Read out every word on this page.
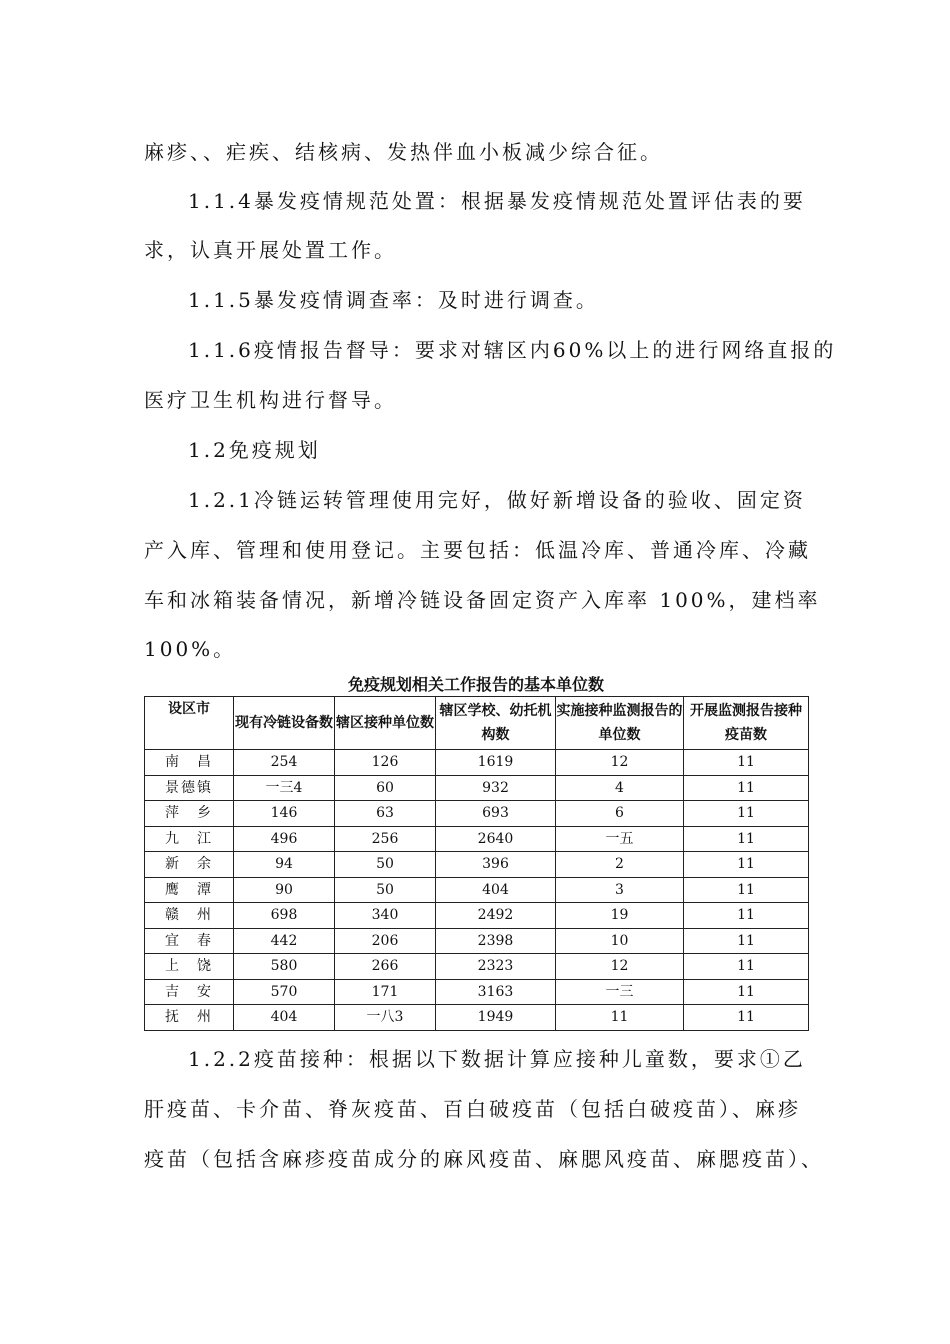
麻疹、、疟疾、结核病、发热伴血小板减少综合征。
1.1.4暴发疫情规范处置：根据暴发疫情规范处置评估表的要
求，认真开展处置工作。
1.1.5暴发疫情调查率：及时进行调查。
1.1.6疫情报告督导：要求对辖区内60%以上的进行网络直报的
医疗卫生机构进行督导。
1.2免疫规划
1.2.1冷链运转管理使用完好，做好新增设备的验收、固定资
产入库、管理和使用登记。主要包括：低温冷库、普通冷库、冷藏
车和冰箱装备情况，新增冷链设备固定资产入库率 100%，建档率
100%。
免疫规划相关工作报告的基本单位数
设区市	现有冷链设备数	辖区接种单位数	辖区学校、幼托机构数	实施接种监测报告的单位数	开展监测报告接种疫苗数
南　昌	254	126	1619	12	11
景德镇	一三4	60	932	4	11
萍　乡	146	63	693	6	11
九　江	496	256	2640	一五	11
新　余	94	50	396	2	11
鹰　潭	90	50	404	3	11
赣　州	698	340	2492	19	11
宜　春	442	206	2398	10	11
上　饶	580	266	2323	12	11
吉　安	570	171	3163	一三	11
抚　州	404	一八3	1949	11	11
1.2.2疫苗接种：根据以下数据计算应接种儿童数，要求①乙
肝疫苗、卡介苗、脊灰疫苗、百白破疫苗（包括白破疫苗）、麻疹
疫苗（包括含麻疹疫苗成分的麻风疫苗、麻腮风疫苗、麻腮疫苗）、
